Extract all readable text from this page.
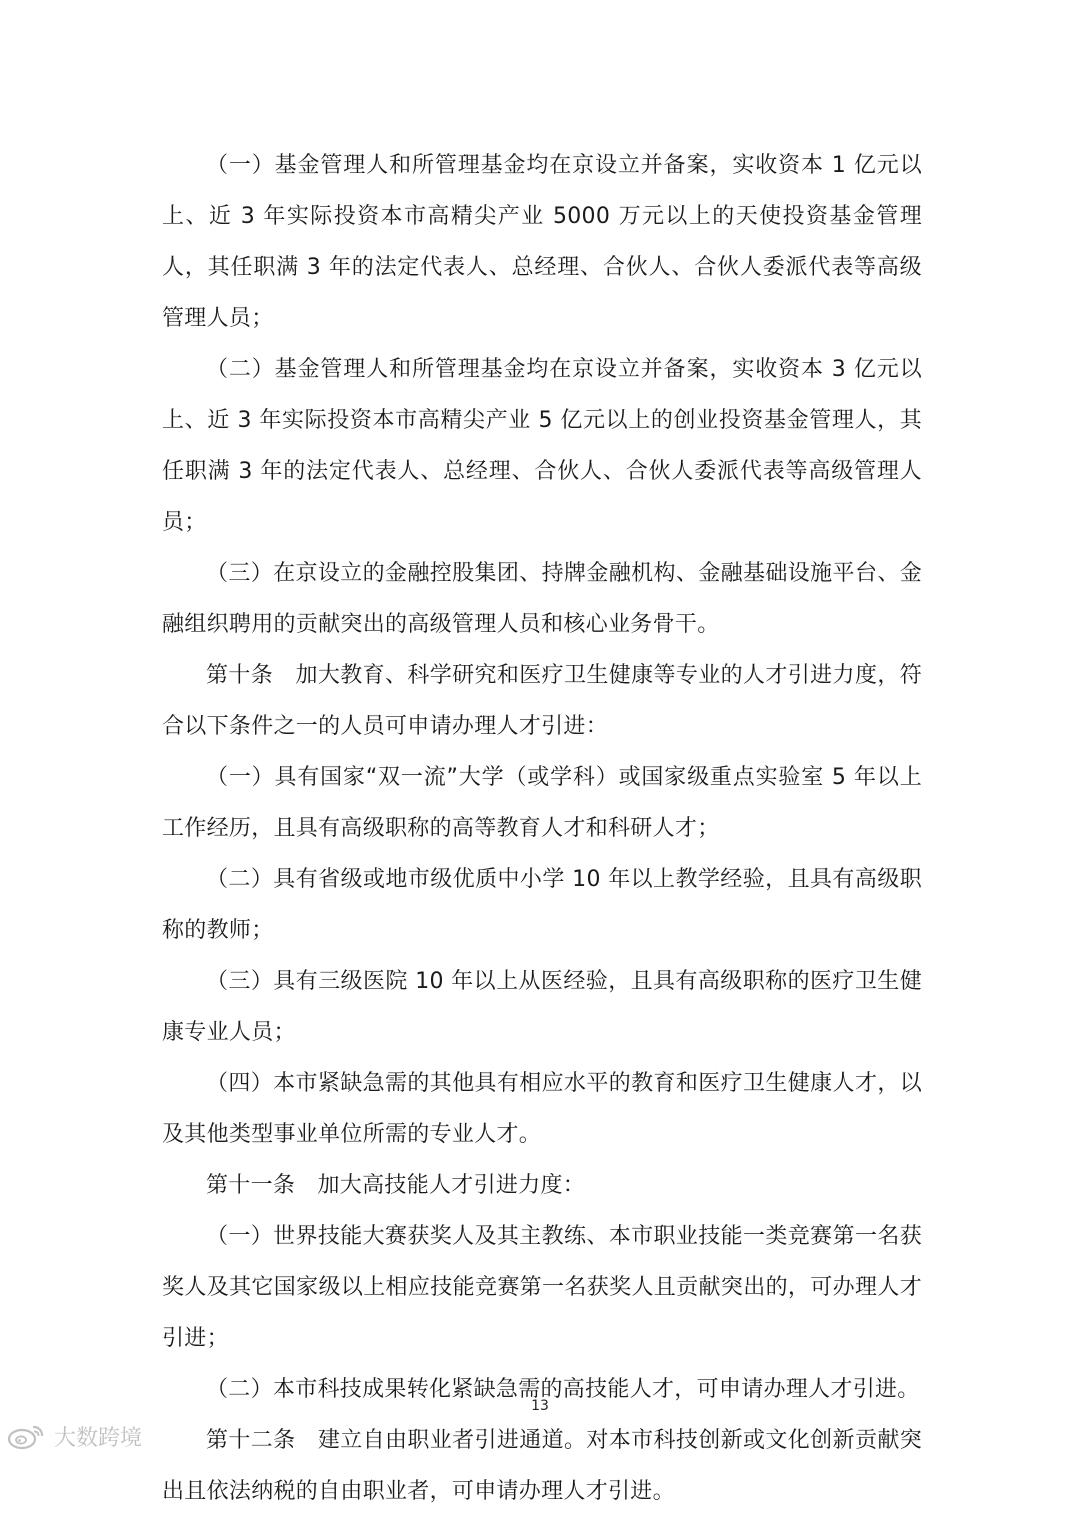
（一）基金管理人和所管理基金均在京设立并备案，实收资本 1 亿元以上、近 3 年实际投资本市高精尖产业 5000 万元以上的天使投资基金管理人，其任职满 3 年的法定代表人、总经理、合伙人、合伙人委派代表等高级管理人员；

（二）基金管理人和所管理基金均在京设立并备案，实收资本 3 亿元以上、近 3 年实际投资本市高精尖产业 5 亿元以上的创业投资基金管理人，其任职满 3 年的法定代表人、总经理、合伙人、合伙人委派代表等高级管理人员；

（三）在京设立的金融控股集团、持牌金融机构、金融基础设施平台、金融组织聘用的贡献突出的高级管理人员和核心业务骨干。

第十条　加大教育、科学研究和医疗卫生健康等专业的人才引进力度，符合以下条件之一的人员可申请办理人才引进：

（一）具有国家“双一流”大学（或学科）或国家级重点实验室 5 年以上工作经历，且具有高级职称的高等教育人才和科研人才；

（二）具有省级或地市级优质中小学 10 年以上教学经验，且具有高级职称的教师；

（三）具有三级医院 10 年以上从医经验，且具有高级职称的医疗卫生健康专业人员；

（四）本市紧缺急需的其他具有相应水平的教育和医疗卫生健康人才，以及其他类型事业单位所需的专业人才。

第十一条　加大高技能人才引进力度：

（一）世界技能大赛获奖人及其主教练、本市职业技能一类竞赛第一名获奖人及其它国家级以上相应技能竞赛第一名获奖人且贡献突出的，可办理人才引进；

（二）本市科技成果转化紧缺急需的高技能人才，可申请办理人才引进。

第十二条　建立自由职业者引进通道。对本市科技创新或文化创新贡献突出且依法纳税的自由职业者，可申请办理人才引进。

13
大数跨境
